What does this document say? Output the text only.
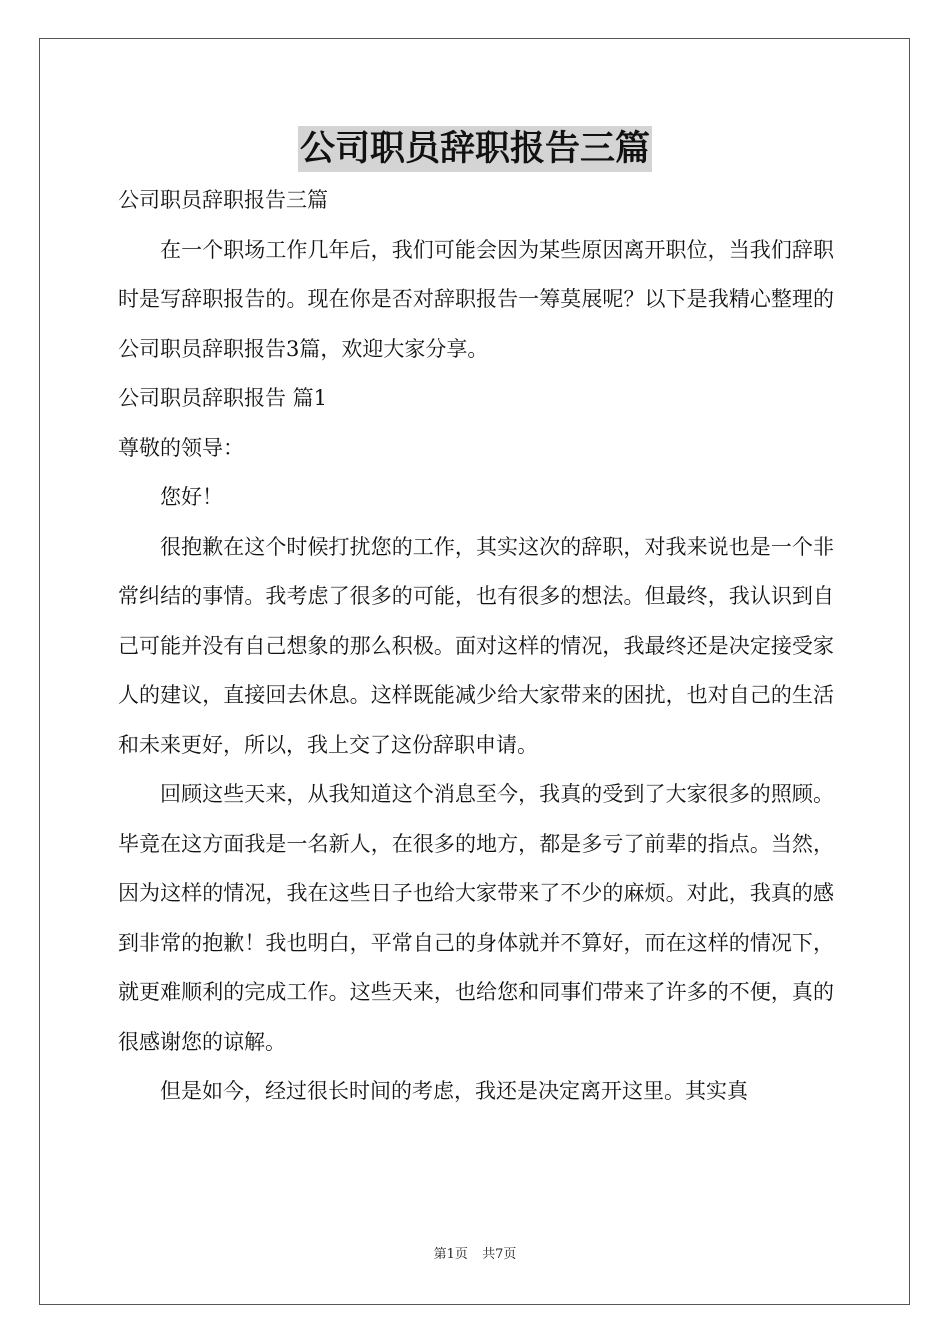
公司职员辞职报告三篇

公司职员辞职报告三篇

在一个职场工作几年后，我们可能会因为某些原因离开职位，当我们辞职时是写辞职报告的。现在你是否对辞职报告一筹莫展呢？以下是我精心整理的公司职员辞职报告3篇，欢迎大家分享。

公司职员辞职报告 篇1

尊敬的领导：

您好！

很抱歉在这个时候打扰您的工作，其实这次的辞职，对我来说也是一个非常纠结的事情。我考虑了很多的可能，也有很多的想法。但最终，我认识到自己可能并没有自己想象的那么积极。面对这样的情况，我最终还是决定接受家人的建议，直接回去休息。这样既能减少给大家带来的困扰，也对自己的生活和未来更好，所以，我上交了这份辞职申请。

回顾这些天来，从我知道这个消息至今，我真的受到了大家很多的照顾。毕竟在这方面我是一名新人，在很多的地方，都是多亏了前辈的指点。当然，因为这样的情况，我在这些日子也给大家带来了不少的麻烦。对此，我真的感到非常的抱歉！我也明白，平常自己的身体就并不算好，而在这样的情况下，就更难顺利的完成工作。这些天来，也给您和同事们带来了许多的不便，真的很感谢您的谅解。

但是如今，经过很长时间的考虑，我还是决定离开这里。其实真

第1页 共7页
